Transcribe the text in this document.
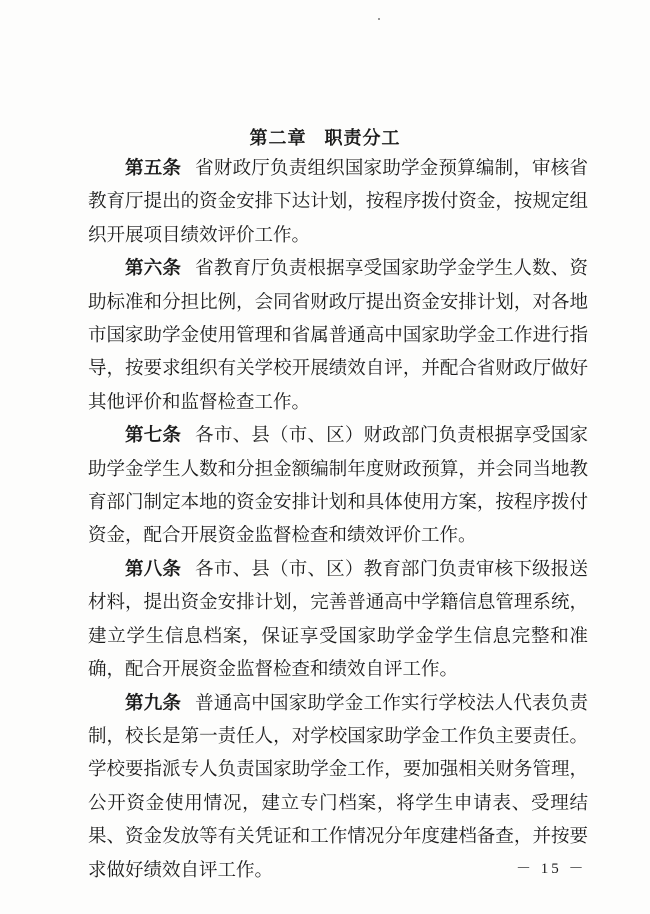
第二章 职责分工

第五条 省财政厅负责组织国家助学金预算编制，审核省教育厅提出的资金安排下达计划，按程序拨付资金，按规定组织开展项目绩效评价工作。

第六条 省教育厅负责根据享受国家助学金学生人数、资助标准和分担比例，会同省财政厅提出资金安排计划，对各地市国家助学金使用管理和省属普通高中国家助学金工作进行指导，按要求组织有关学校开展绩效自评，并配合省财政厅做好其他评价和监督检查工作。

第七条 各市、县（市、区）财政部门负责根据享受国家助学金学生人数和分担金额编制年度财政预算，并会同当地教育部门制定本地的资金安排计划和具体使用方案，按程序拨付资金，配合开展资金监督检查和绩效评价工作。

第八条 各市、县（市、区）教育部门负责审核下级报送材料，提出资金安排计划，完善普通高中学籍信息管理系统，建立学生信息档案，保证享受国家助学金学生信息完整和准确，配合开展资金监督检查和绩效自评工作。

第九条 普通高中国家助学金工作实行学校法人代表负责制，校长是第一责任人，对学校国家助学金工作负主要责任。学校要指派专人负责国家助学金工作，要加强相关财务管理，公开资金使用情况，建立专门档案，将学生申请表、受理结果、资金发放等有关凭证和工作情况分年度建档备查，并按要求做好绩效自评工作。	－ 15 －
